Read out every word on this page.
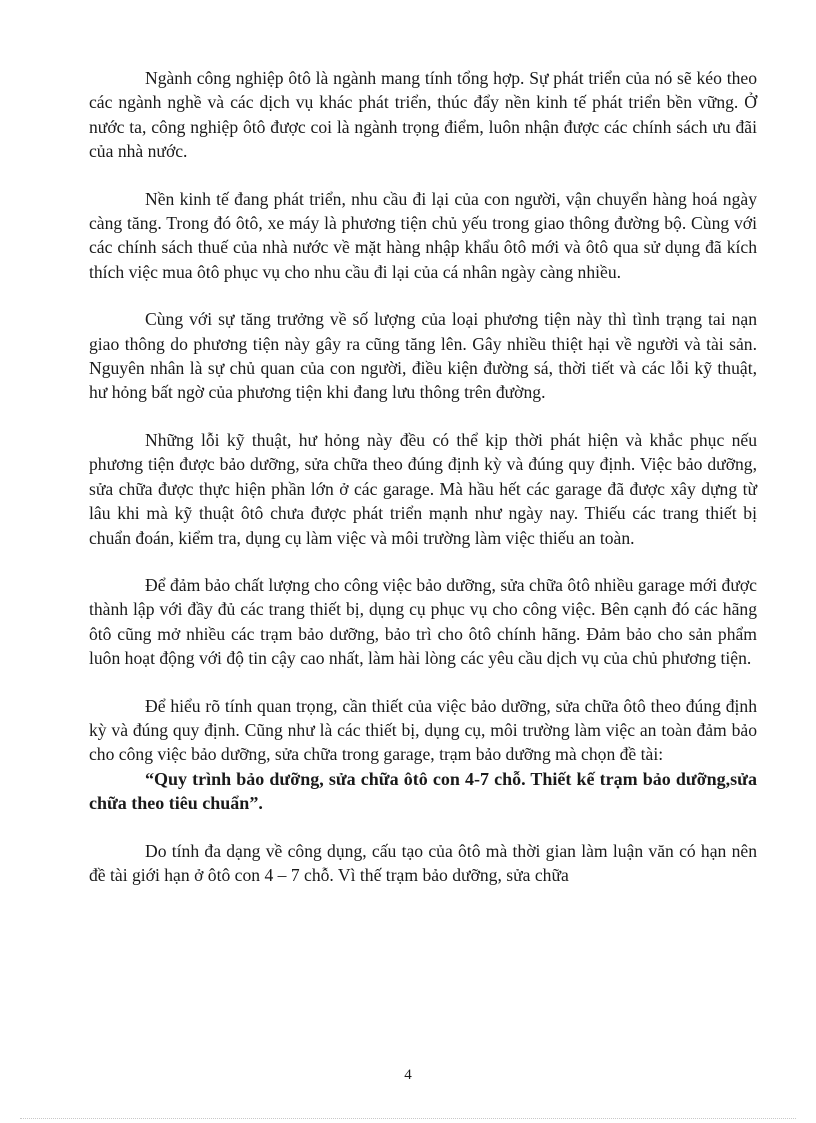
Ngành công nghiệp ôtô là ngành mang tính tổng hợp. Sự phát triển của nó sẽ kéo theo các ngành nghề và các dịch vụ khác phát triển, thúc đẩy nền kinh tế phát triển bền vững. Ở nước ta, công nghiệp ôtô được coi là ngành trọng điểm, luôn nhận được các chính sách ưu đãi của nhà nước.

Nền kinh tế đang phát triển, nhu cầu đi lại của con người, vận chuyển hàng hoá ngày càng tăng. Trong đó ôtô, xe máy là phương tiện chủ yếu trong giao thông đường bộ. Cùng với các chính sách thuế của nhà nước về mặt hàng nhập khẩu ôtô mới và ôtô qua sử dụng đã kích thích việc mua ôtô phục vụ cho nhu cầu đi lại của cá nhân ngày càng nhiều.

Cùng với sự tăng trưởng về số lượng của loại phương tiện này thì tình trạng tai nạn giao thông do phương tiện này gây ra cũng tăng lên. Gây nhiều thiệt hại về người và tài sản. Nguyên nhân là sự chủ quan của con người, điều kiện đường sá, thời tiết và các lỗi kỹ thuật, hư hỏng bất ngờ của phương tiện khi đang lưu thông trên đường.

Những lỗi kỹ thuật, hư hỏng này đều có thể kịp thời phát hiện và khắc phục nếu phương tiện được bảo dưỡng, sửa chữa theo đúng định kỳ và đúng quy định. Việc bảo dưỡng, sửa chữa được thực hiện phần lớn ở các garage. Mà hầu hết các garage đã được xây dựng từ lâu khi mà kỹ thuật ôtô chưa được phát triển mạnh như ngày nay. Thiếu các trang thiết bị chuẩn đoán, kiểm tra, dụng cụ làm việc và môi trường làm việc thiếu an toàn.

Để đảm bảo chất lượng cho công việc bảo dưỡng, sửa chữa ôtô nhiều garage mới được thành lập với đầy đủ các trang thiết bị, dụng cụ phục vụ cho công việc. Bên cạnh đó các hãng ôtô cũng mở nhiều các trạm bảo dưỡng, bảo trì cho ôtô chính hãng. Đảm bảo cho sản phẩm luôn hoạt động với độ tin cậy cao nhất, làm hài lòng các yêu cầu dịch vụ của chủ phương tiện.

Để hiểu rõ tính quan trọng, cần thiết của việc bảo dưỡng, sửa chữa ôtô theo đúng định kỳ và đúng quy định. Cũng như là các thiết bị, dụng cụ, môi trường làm việc an toàn đảm bảo cho công việc bảo dưỡng, sửa chữa trong garage, trạm bảo dưỡng mà chọn đề tài:

“Quy trình bảo dưỡng, sửa chữa ôtô con 4-7 chỗ. Thiết kế trạm bảo dưỡng,sửa chữa theo tiêu chuẩn”.

Do tính đa dạng về công dụng, cấu tạo của ôtô mà thời gian làm luận văn có hạn nên đề tài giới hạn ở ôtô con 4 – 7 chỗ. Vì thế trạm bảo dưỡng, sửa chữa

4
